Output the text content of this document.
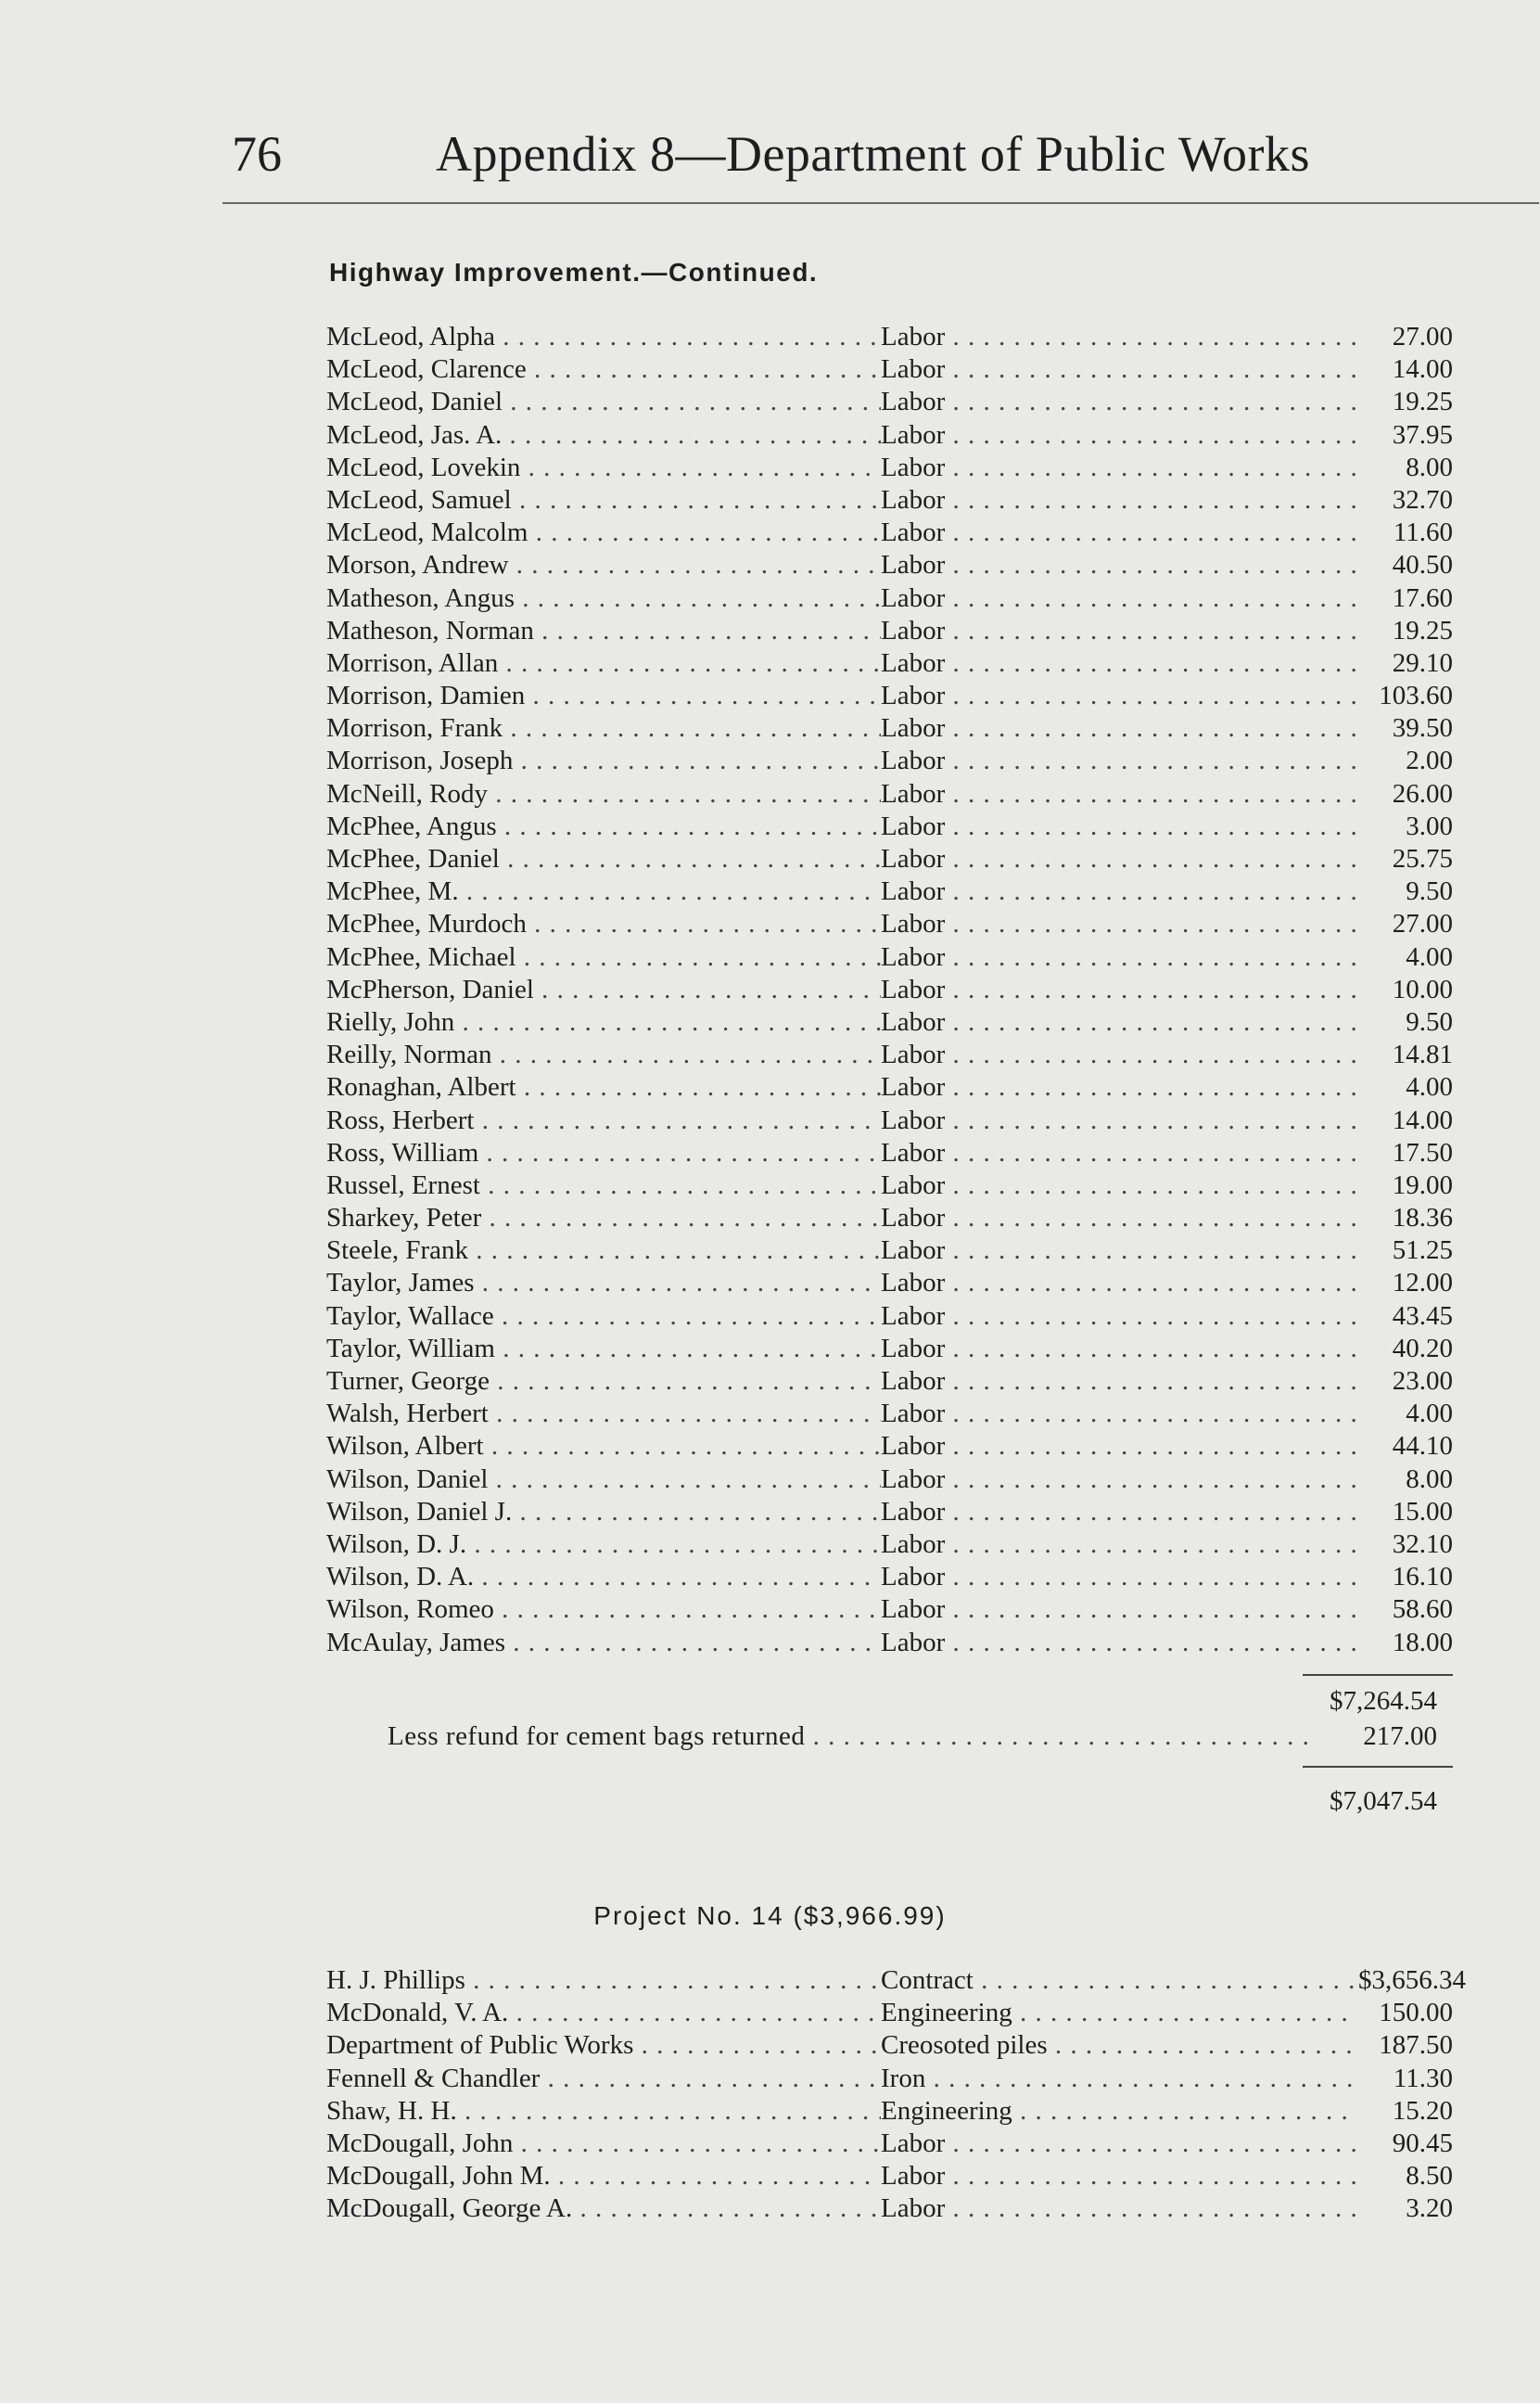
76	Appendix 8—Department of Public Works
Highway Improvement.—Continued.
McLeod, Alpha . . .	Labor . . .	27.00
McLeod, Clarence . . .	Labor . . .	14.00
McLeod, Daniel . . .	Labor . . .	19.25
McLeod, Jas. A. . . .	Labor . . .	37.95
McLeod, Lovekin . . .	Labor . . .	8.00
McLeod, Samuel . . .	Labor . . .	32.70
McLeod, Malcolm . . .	Labor . . .	11.60
Morson, Andrew . . .	Labor . . .	40.50
Matheson, Angus . . .	Labor . . .	17.60
Matheson, Norman . . .	Labor . . .	19.25
Morrison, Allan . . .	Labor . . .	29.10
Morrison, Damien . . .	Labor . . .	103.60
Morrison, Frank . . .	Labor . . .	39.50
Morrison, Joseph . . .	Labor . . .	2.00
McNeill, Rody . . .	Labor . . .	26.00
McPhee, Angus . . .	Labor . . .	3.00
McPhee, Daniel . . .	Labor . . .	25.75
McPhee, M. . . .	Labor . . .	9.50
McPhee, Murdoch . . .	Labor . . .	27.00
McPhee, Michael . . .	Labor . . .	4.00
McPherson, Daniel . . .	Labor . . .	10.00
Rielly, John . . .	Labor . . .	9.50
Reilly, Norman . . .	Labor . . .	14.81
Ronaghan, Albert . . .	Labor . . .	4.00
Ross, Herbert . . .	Labor . . .	14.00
Ross, William . . .	Labor . . .	17.50
Russel, Ernest . . .	Labor . . .	19.00
Sharkey, Peter . . .	Labor . . .	18.36
Steele, Frank . . .	Labor . . .	51.25
Taylor, James . . .	Labor . . .	12.00
Taylor, Wallace . . .	Labor . . .	43.45
Taylor, William . . .	Labor . . .	40.20
Turner, George . . .	Labor . . .	23.00
Walsh, Herbert . . .	Labor . . .	4.00
Wilson, Albert . . .	Labor . . .	44.10
Wilson, Daniel . . .	Labor . . .	8.00
Wilson, Daniel J. . . .	Labor . . .	15.00
Wilson, D. J. . . .	Labor . . .	32.10
Wilson, D. A. . . .	Labor . . .	16.10
Wilson, Romeo . . .	Labor . . .	58.60
McAulay, James . . .	Labor . . .	18.00
$7,264.54
Less refund for cement bags returned . . .	217.00
$7,047.54
Project No. 14 ($3,966.99)
H. J. Phillips . . .	Contract . . .	$3,656.34
McDonald, V. A. . . .	Engineering . . .	150.00
Department of Public Works . . .	Creosoted piles . . .	187.50
Fennell & Chandler . . .	Iron . . .	11.30
Shaw, H. H. . . .	Engineering . . .	15.20
McDougall, John . . .	Labor . . .	90.45
McDougall, John M. . . .	Labor . . .	8.50
McDougall, George A. . . .	Labor . . .	3.20
